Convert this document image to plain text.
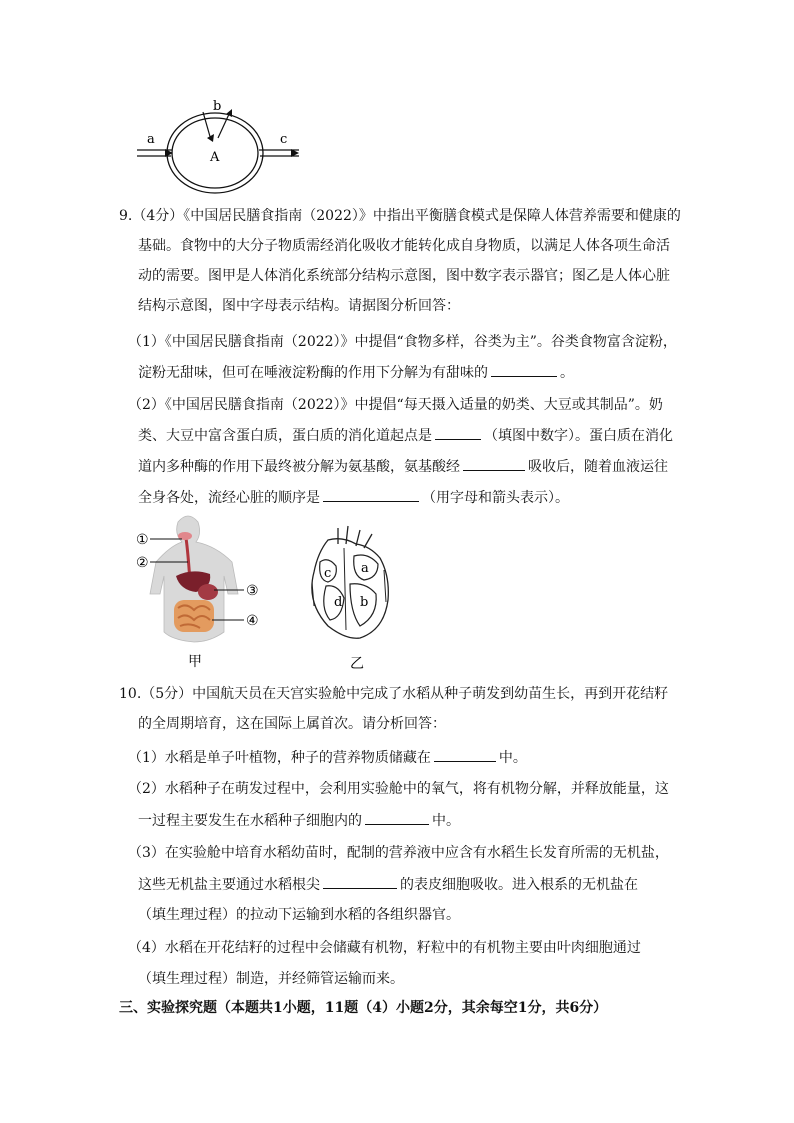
a
b
c
A
9.（4分）《中国居民膳食指南（2022）》中指出平衡膳食模式是保障人体营养需要和健康的
基础。食物中的大分子物质需经消化吸收才能转化成自身物质，以满足人体各项生命活
动的需要。图甲是人体消化系统部分结构示意图，图中数字表示器官；图乙是人体心脏
结构示意图，图中字母表示结构。请据图分析回答：
（1）《中国居民膳食指南（2022）》中提倡“食物多样，谷类为主”。谷类食物富含淀粉，
淀粉无甜味，但可在唾液淀粉酶的作用下分解为有甜味的	。
（2）《中国居民膳食指南（2022）》中提倡“每天摄入适量的奶类、大豆或其制品”。奶
类、大豆中富含蛋白质，蛋白质的消化道起点是	（填图中数字）。蛋白质在消化
道内多种酶的作用下最终被分解为氨基酸，氨基酸经	吸收后，随着血液运往
全身各处，流经心脏的顺序是	（用字母和箭头表示）。
①
②
③
④
甲
c a
d b
乙
10.（5分）中国航天员在天宫实验舱中完成了水稻从种子萌发到幼苗生长，再到开花结籽
的全周期培育，这在国际上属首次。请分析回答：
（1）水稻是单子叶植物，种子的营养物质储藏在	中。
（2）水稻种子在萌发过程中，会利用实验舱中的氧气，将有机物分解，并释放能量，这
一过程主要发生在水稻种子细胞内的	中。
（3）在实验舱中培育水稻幼苗时，配制的营养液中应含有水稻生长发育所需的无机盐，
这些无机盐主要通过水稻根尖	的表皮细胞吸收。进入根系的无机盐在
（填生理过程）的拉动下运输到水稻的各组织器官。
（4）水稻在开花结籽的过程中会储藏有机物，籽粒中的有机物主要由叶肉细胞通过
（填生理过程）制造，并经筛管运输而来。
三、实验探究题（本题共1小题，11题（4）小题2分，其余每空1分，共6分）
